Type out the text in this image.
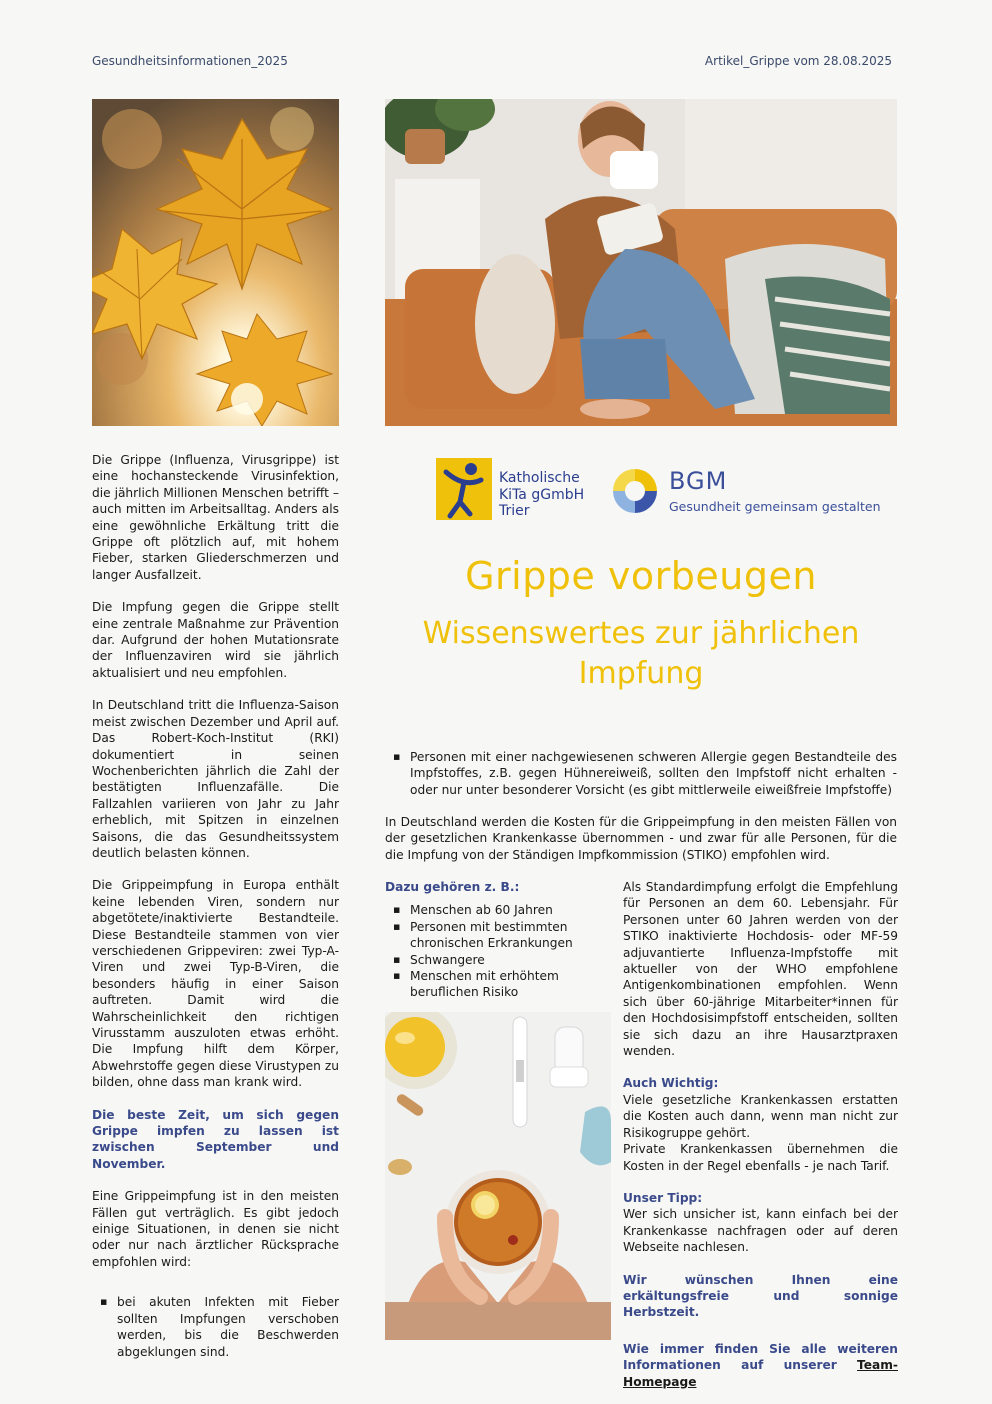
Gesundheitsinformationen_2025	Artikel_Grippe vom 28.08.2025

Die Grippe (Influenza, Virusgrippe) ist eine hochansteckende Virusinfektion, die jährlich Millionen Menschen betrifft – auch mitten im Arbeitsalltag. Anders als eine gewöhnliche Erkältung tritt die Grippe oft plötzlich auf, mit hohem Fieber, starken Gliederschmerzen und langer Ausfallzeit.

Die Impfung gegen die Grippe stellt eine zentrale Maßnahme zur Prävention dar. Aufgrund der hohen Mutationsrate der Influenzaviren wird sie jährlich aktualisiert und neu empfohlen.

In Deutschland tritt die Influenza-Saison meist zwischen Dezember und April auf. Das Robert-Koch-Institut (RKI) dokumentiert in seinen Wochenberichten jährlich die Zahl der bestätigten Influenzafälle. Die Fallzahlen variieren von Jahr zu Jahr erheblich, mit Spitzen in einzelnen Saisons, die das Gesundheitssystem deutlich belasten können.

Die Grippeimpfung in Europa enthält keine lebenden Viren, sondern nur abgetötete/inaktivierte Bestandteile. Diese Bestandteile stammen von vier verschiedenen Grippeviren: zwei Typ-A-Viren und zwei Typ-B-Viren, die besonders häufig in einer Saison auftreten. Damit wird die Wahrscheinlichkeit den richtigen Virusstamm auszuloten etwas erhöht. Die Impfung hilft dem Körper, Abwehrstoffe gegen diese Virustypen zu bilden, ohne dass man krank wird.

Die beste Zeit, um sich gegen Grippe impfen zu lassen ist zwischen September und November.

Eine Grippeimpfung ist in den meisten Fällen gut verträglich. Es gibt jedoch einige Situationen, in denen sie nicht oder nur nach ärztlicher Rücksprache empfohlen wird:

▪ bei akuten Infekten mit Fieber sollten Impfungen verschoben werden, bis die Beschwerden abgeklungen sind.
Katholische
KiTa gGmbH
Trier
BGM
Gesundheit gemeinsam gestalten
Grippe vorbeugen
Wissenswertes zur jährlichen
Impfung
▪ Personen mit einer nachgewiesenen schweren Allergie gegen Bestandteile des Impfstoffes, z.B. gegen Hühnereiweiß, sollten den Impfstoff nicht erhalten - oder nur unter besonderer Vorsicht (es gibt mittlerweile eiweißfreie Impfstoffe)
In Deutschland werden die Kosten für die Grippeimpfung in den meisten Fällen von der gesetzlichen Krankenkasse übernommen - und zwar für alle Personen, für die die Impfung von der Ständigen Impfkommission (STIKO) empfohlen wird.
Dazu gehören z. B.:
▪ Menschen ab 60 Jahren
▪ Personen mit bestimmten chronischen Erkrankungen
▪ Schwangere
▪ Menschen mit erhöhtem beruflichen Risiko

Als Standardimpfung erfolgt die Empfehlung für Personen an dem 60. Lebensjahr. Für Personen unter 60 Jahren werden von der STIKO inaktivierte Hochdosis- oder MF-59 adjuvantierte Influenza-Impfstoffe mit aktueller von der WHO empfohlene Antigenkombinationen empfohlen. Wenn sich über 60-jährige Mitarbeiter*innen für den Hochdosisimpfstoff entscheiden, sollten sie sich dazu an ihre Hausarztpraxen wenden.

Auch Wichtig:
Viele gesetzliche Krankenkassen erstatten die Kosten auch dann, wenn man nicht zur Risikogruppe gehört.

Private Krankenkassen übernehmen die Kosten in der Regel ebenfalls - je nach Tarif.

Unser Tipp:

Wer sich unsicher ist, kann einfach bei der Krankenkasse nachfragen oder auf deren Webseite nachlesen.

Wir wünschen Ihnen eine erkältungsfreie und sonnige Herbstzeit.

Wie immer finden Sie alle weiteren Informationen auf unserer Team-Homepage
